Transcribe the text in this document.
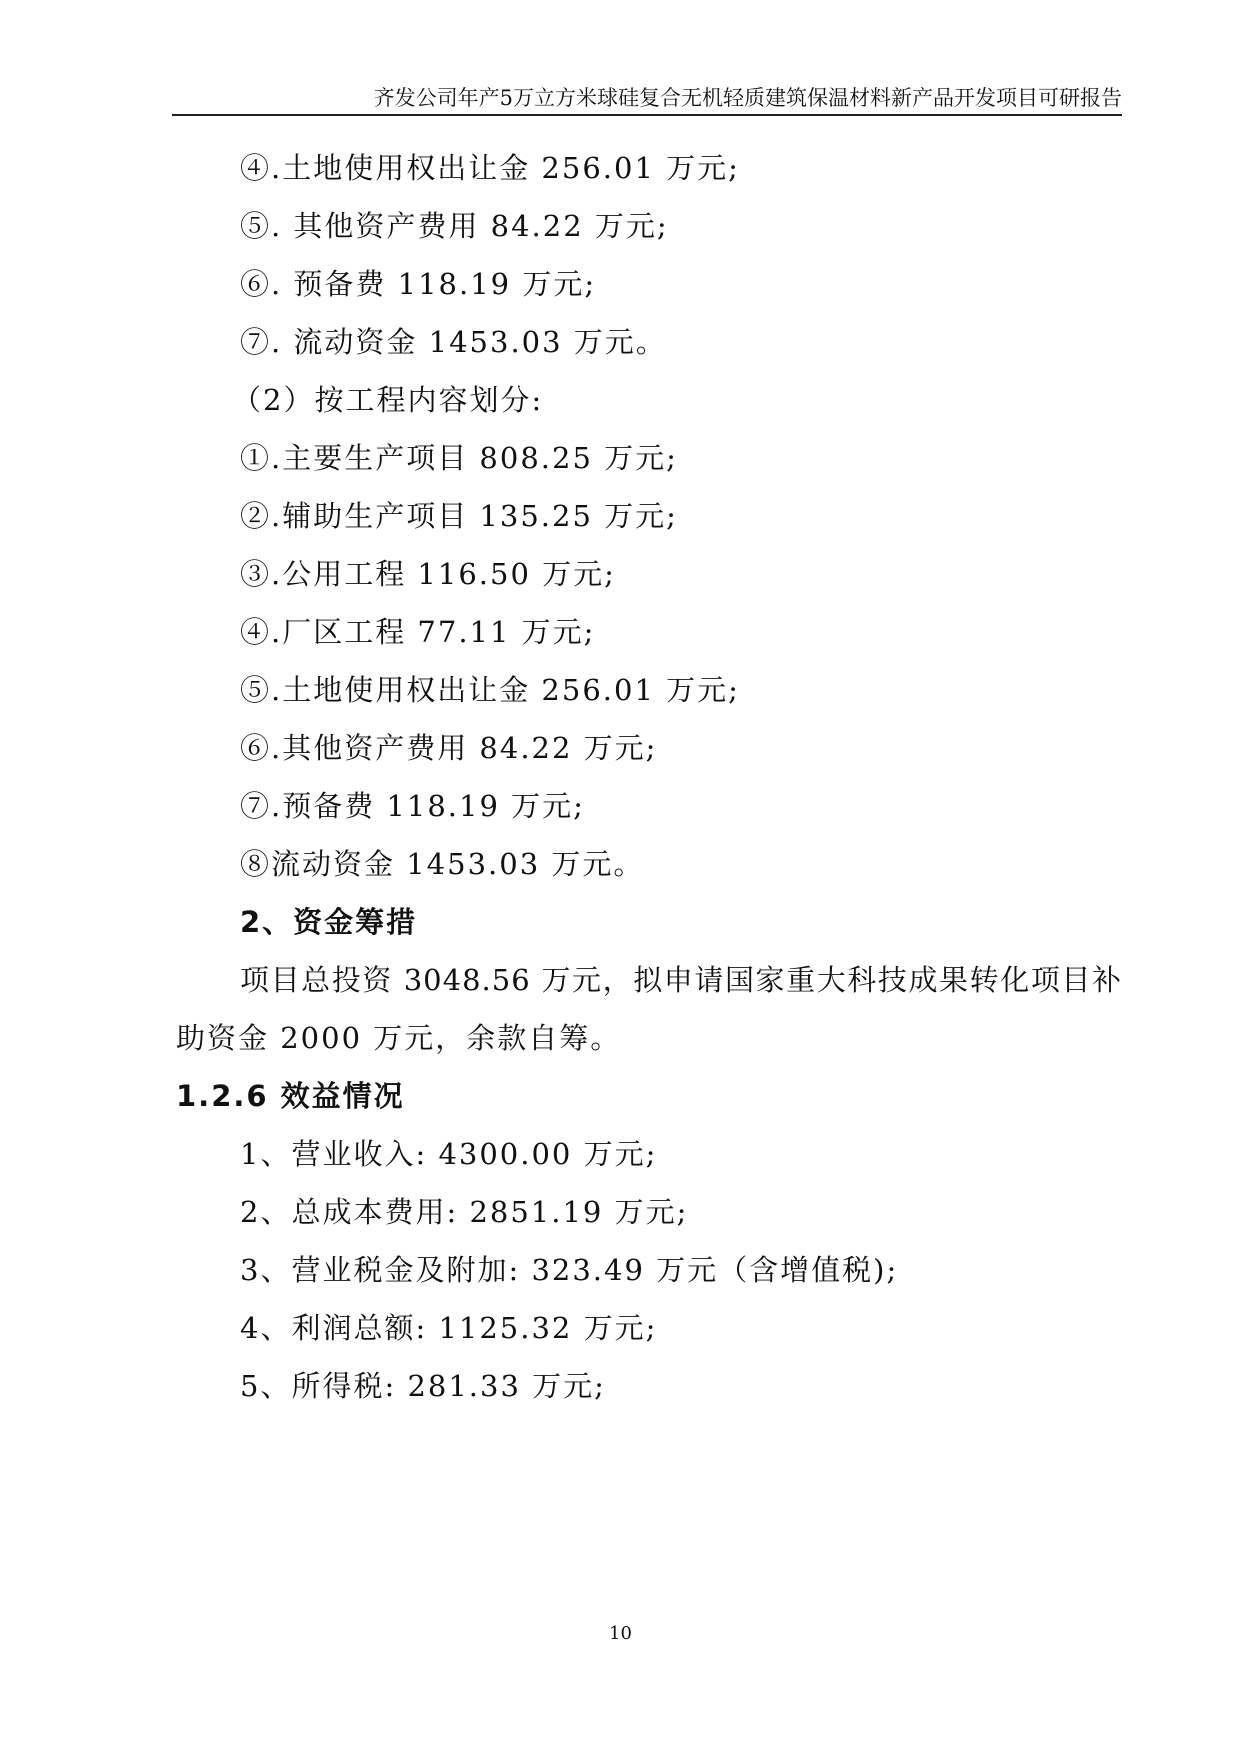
齐发公司年产5万立方米球硅复合无机轻质建筑保温材料新产品开发项目可研报告
④.土地使用权出让金 256.01 万元;
⑤. 其他资产费用 84.22 万元;
⑥. 预备费 118.19 万元;
⑦. 流动资金 1453.03 万元。
（2）按工程内容划分:
①.主要生产项目 808.25 万元;
②.辅助生产项目 135.25 万元;
③.公用工程 116.50 万元;
④.厂区工程 77.11 万元;
⑤.土地使用权出让金 256.01 万元;
⑥.其他资产费用 84.22 万元;
⑦.预备费 118.19 万元;
⑧流动资金 1453.03 万元。
2、资金筹措
项目总投资 3048.56 万元，拟申请国家重大科技成果转化项目补
助资金 2000 万元，余款自筹。
1.2.6 效益情况
1、营业收入: 4300.00 万元;
2、总成本费用: 2851.19 万元;
3、营业税金及附加: 323.49 万元（含增值税);
4、利润总额: 1125.32 万元;
5、所得税: 281.33 万元;
10
